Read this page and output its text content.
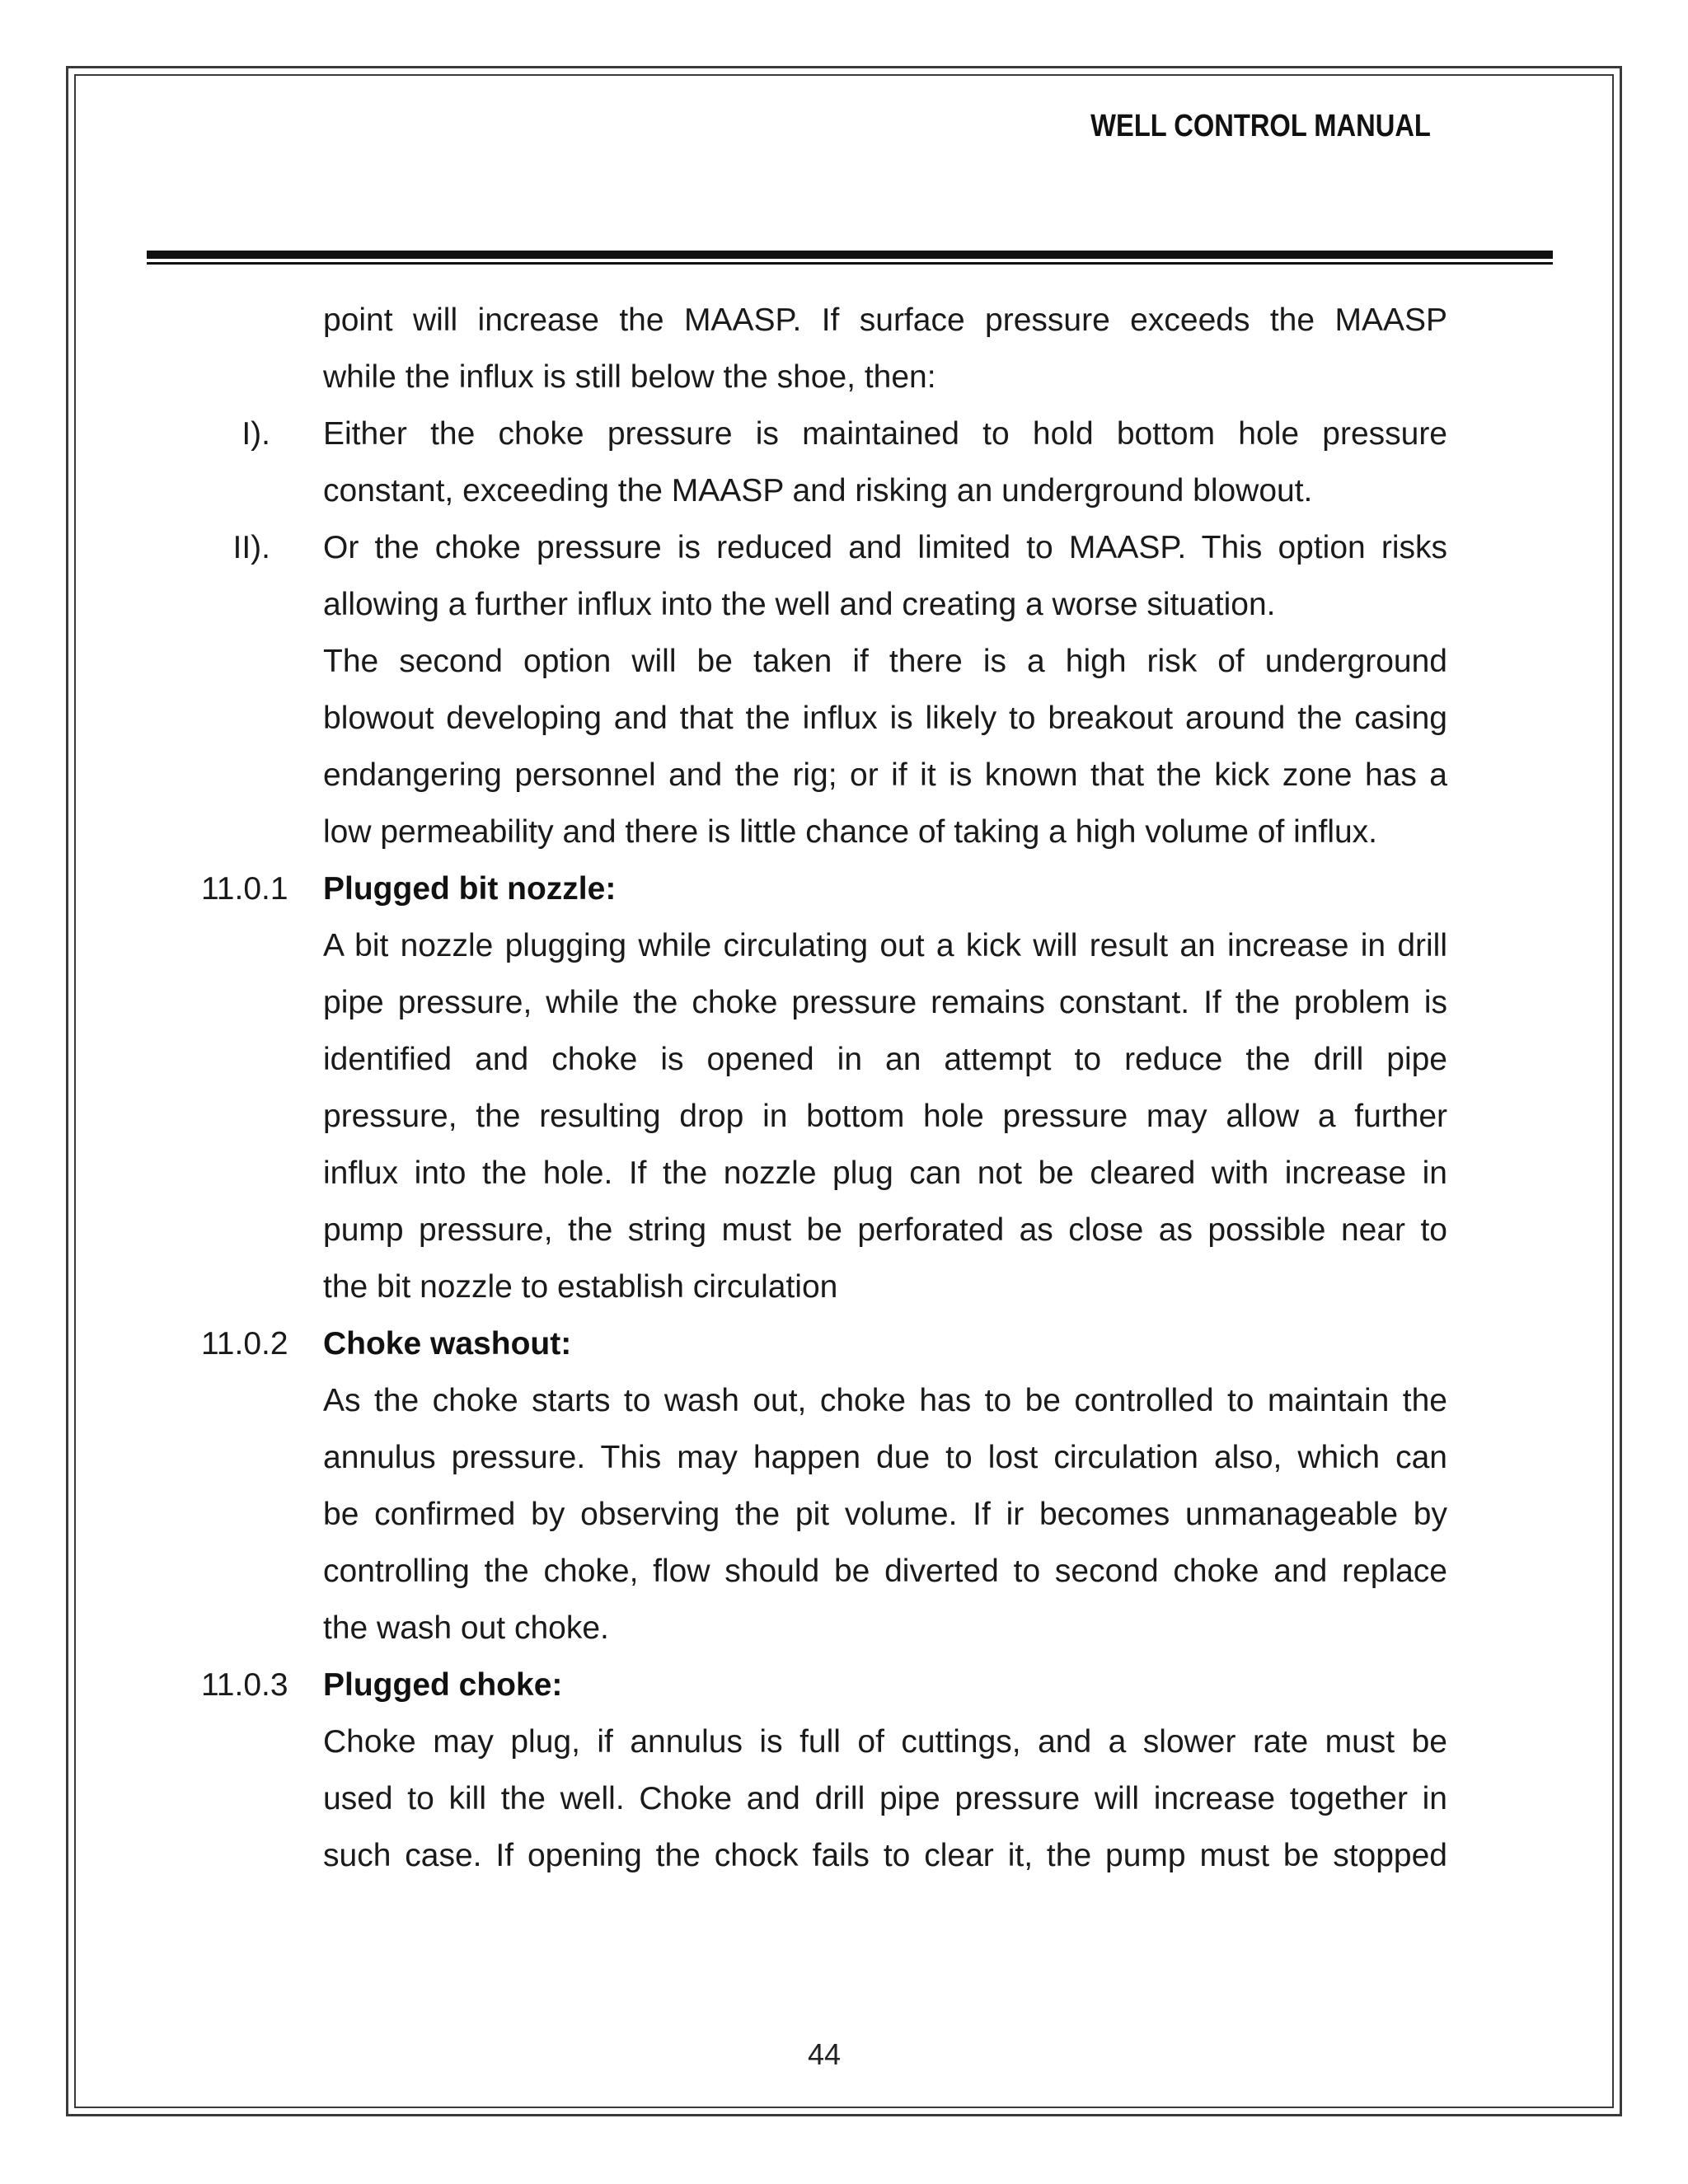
WELL CONTROL MANUAL
point will increase the MAASP. If surface pressure exceeds the MAASP
while the influx is still below the shoe, then:
I). Either the choke pressure is maintained to hold bottom hole pressure
constant, exceeding the MAASP and risking an underground blowout.
II). Or the choke pressure is reduced and limited to MAASP. This option risks
allowing a further influx into the well and creating a worse situation.
The second option will be taken if there is a high risk of underground
blowout developing and that the influx is likely to breakout around the casing
endangering personnel and the rig; or if it is known that the kick zone has a
low permeability and there is little chance of taking a high volume of influx.
11.0.1 Plugged bit nozzle:
A bit nozzle plugging while circulating out a kick will result an increase in drill
pipe pressure, while the choke pressure remains constant. If the problem is
identified and choke is opened in an attempt to reduce the drill pipe
pressure, the resulting drop in bottom hole pressure may allow a further
influx into the hole. If the nozzle plug can not be cleared with increase in
pump pressure, the string must be perforated as close as possible near to
the bit nozzle to establish circulation
11.0.2 Choke washout:
As the choke starts to wash out, choke has to be controlled to maintain the
annulus pressure. This may happen due to lost circulation also, which can
be confirmed by observing the pit volume. If ir becomes unmanageable by
controlling the choke, flow should be diverted to second choke and replace
the wash out choke.
11.0.3 Plugged choke:
Choke may plug, if annulus is full of cuttings, and a slower rate must be
used to kill the well. Choke and drill pipe pressure will increase together in
such case. If opening the chock fails to clear it, the pump must be stopped
44
